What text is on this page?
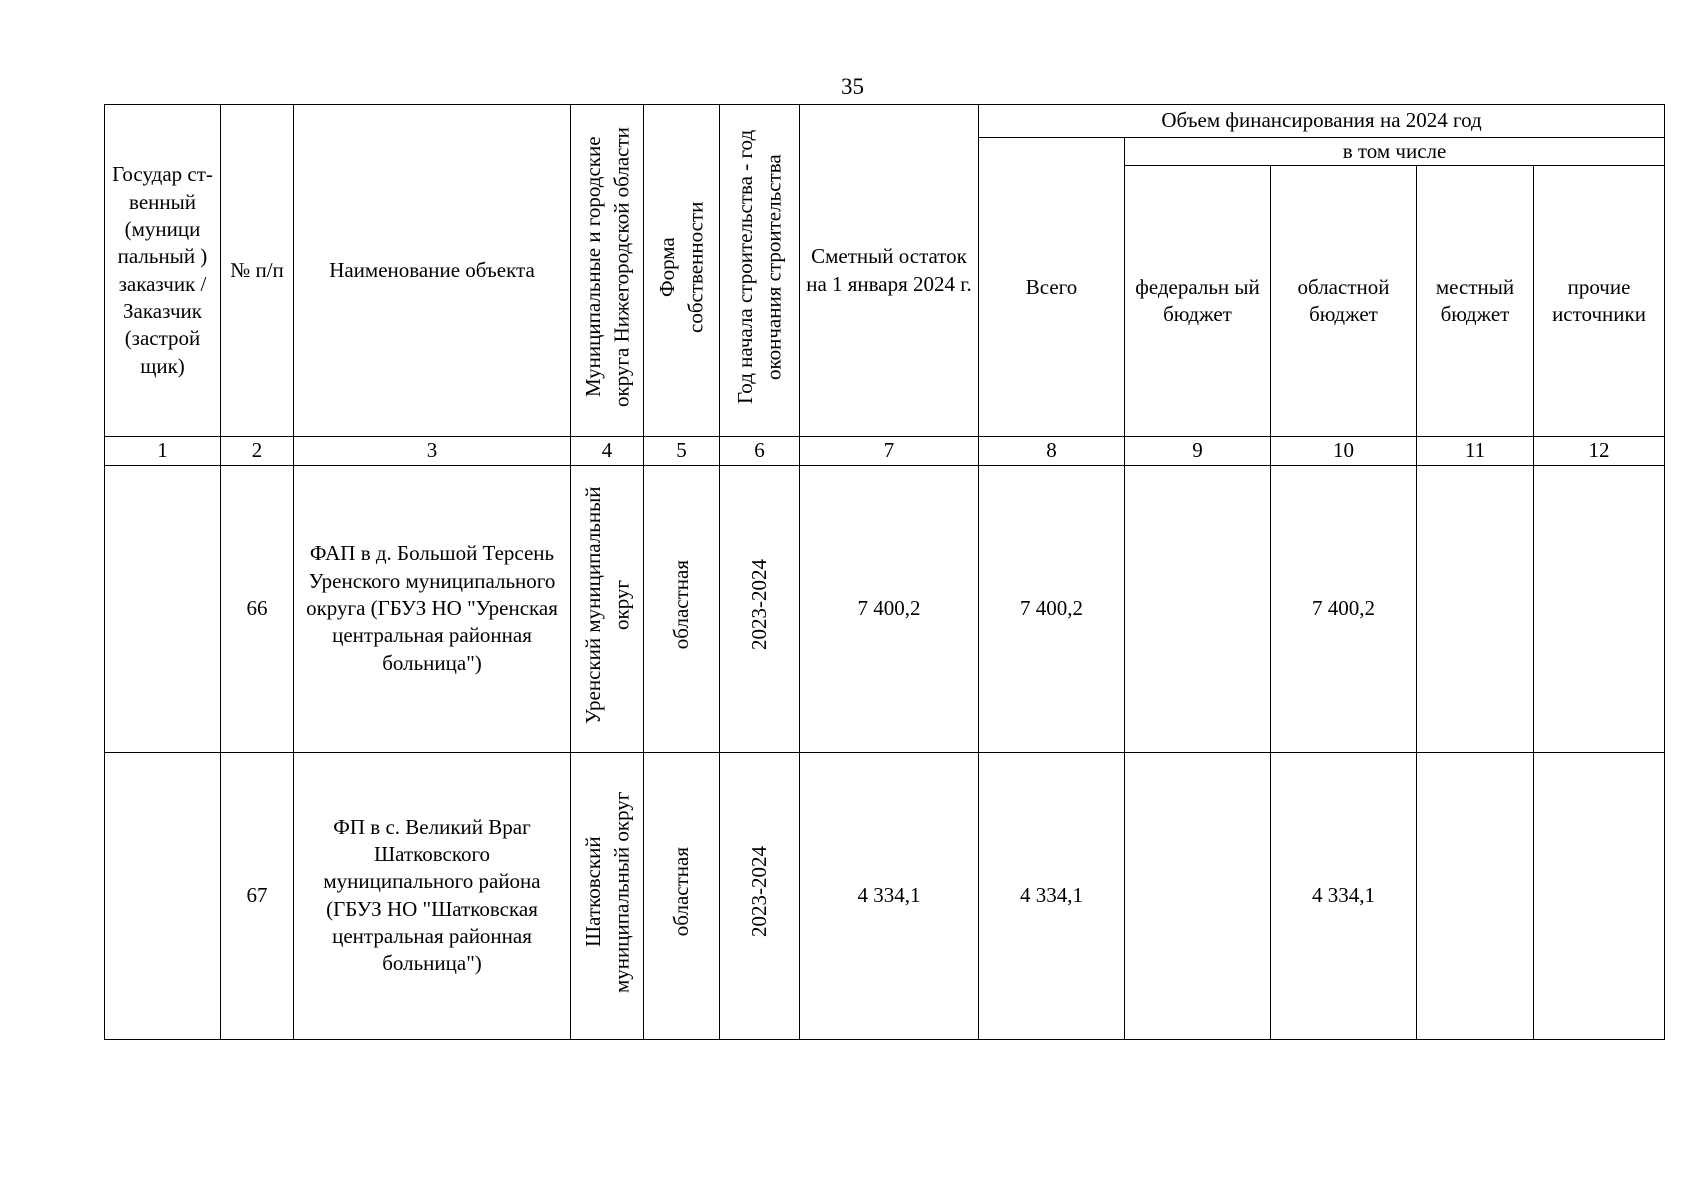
35
Государ ст- венный (муници пальный ) заказчик / Заказчик (застрой щик)	№ п/п	Наименование объекта	Муниципальные и городские округа Нижегородской области	Форма собственности	Год начала строительства - год окончания строительства	Сметный остаток на 1 января 2024 г.	Объем финансирования на 2024 год				
							Всего	в том числе			
								федеральн ый бюджет	областной бюджет	местный бюджет	прочие источники
1	2	3	4	5	6	7	8	9	10	11	12
	66	ФАП в д. Большой Терсень Уренского муниципального округа (ГБУЗ НО "Уренская центральная районная больница")	Уренский муниципальный округ	областная	2023-2024	7 400,2	7 400,2		7 400,2		
	67	ФП в с. Великий Враг Шатковского муниципального района (ГБУЗ НО "Шатковская центральная районная больница")	Шатковский муниципальный округ	областная	2023-2024	4 334,1	4 334,1		4 334,1		
